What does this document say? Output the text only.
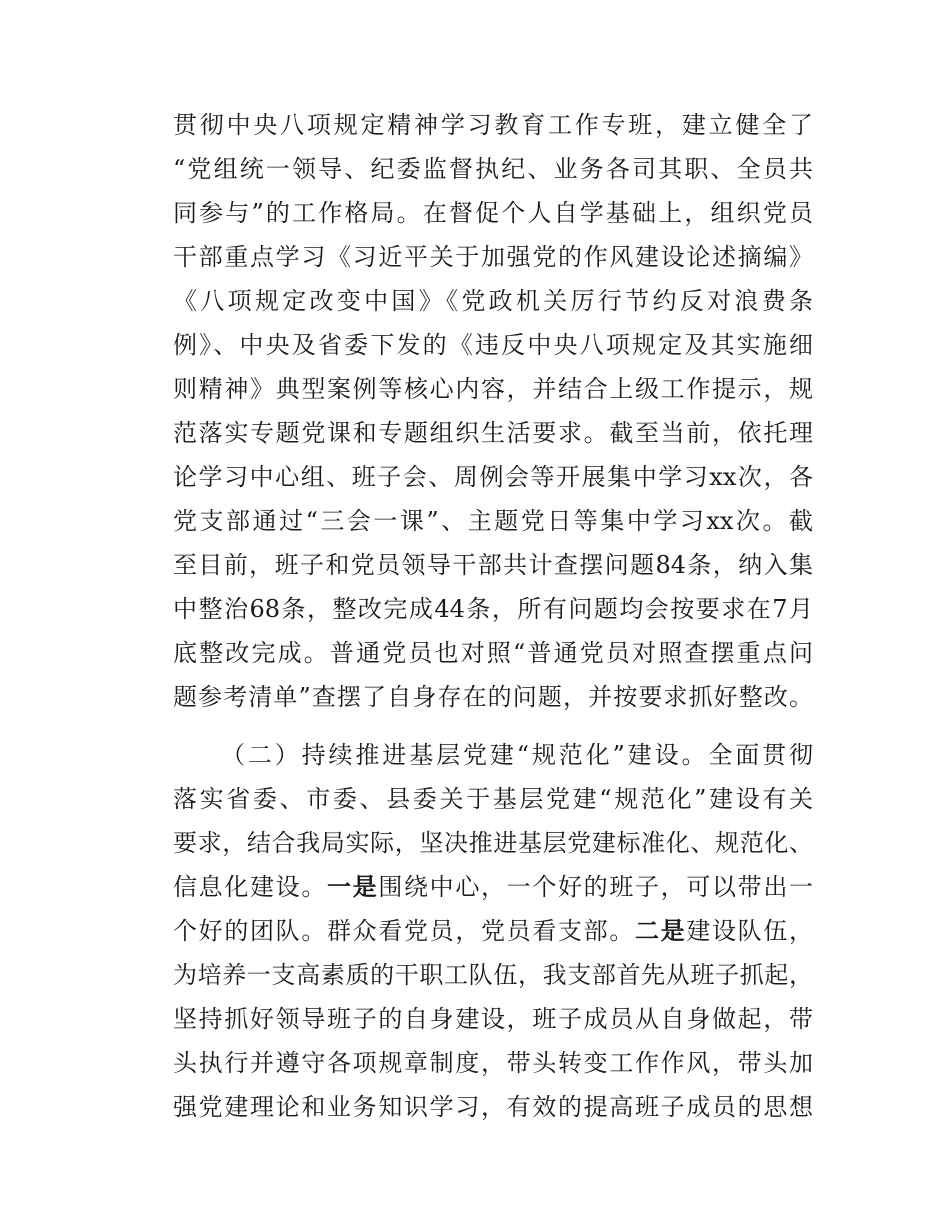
贯彻中央八项规定精神学习教育工作专班，建立健全了
“党组统一领导、纪委监督执纪、业务各司其职、全员共
同参与”的工作格局。在督促个人自学基础上，组织党员
干部重点学习《习近平关于加强党的作风建设论述摘编》
《八项规定改变中国》《党政机关厉行节约反对浪费条
例》、中央及省委下发的《违反中央八项规定及其实施细
则精神》典型案例等核心内容，并结合上级工作提示，规
范落实专题党课和专题组织生活要求。截至当前，依托理
论学习中心组、班子会、周例会等开展集中学习xx次，各
党支部通过“三会一课”、主题党日等集中学习xx次。截
至目前，班子和党员领导干部共计查摆问题84条，纳入集
中整治68条，整改完成44条，所有问题均会按要求在7月
底整改完成。普通党员也对照“普通党员对照查摆重点问
题参考清单”查摆了自身存在的问题，并按要求抓好整改。
（二）持续推进基层党建“规范化”建设。全面贯彻
落实省委、市委、县委关于基层党建“规范化”建设有关
要求，结合我局实际，坚决推进基层党建标准化、规范化、
信息化建设。一是围绕中心，一个好的班子，可以带出一
个好的团队。群众看党员，党员看支部。二是建设队伍，
为培养一支高素质的干职工队伍，我支部首先从班子抓起，
坚持抓好领导班子的自身建设，班子成员从自身做起，带
头执行并遵守各项规章制度，带头转变工作作风，带头加
强党建理论和业务知识学习，有效的提高班子成员的思想
